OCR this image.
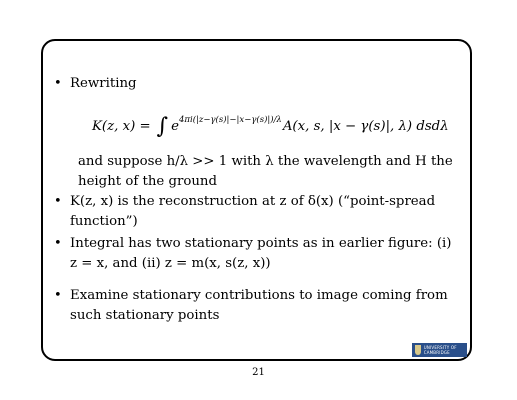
• Rewriting
K(z, x) = ∫ e 4πi(|z−γ(s)|−|x−γ(s)|)/λ A(x, s, |x − γ(s)|, λ) dsdλ
and suppose h/λ >> 1 with λ the wavelength and H the height of the ground
• K(z, x) is the reconstruction at z of δ(x) (“point-spread function”)
• Integral has two stationary points as in earlier figure: (i) z = x, and (ii) z = m(x, s(z, x))
• Examine stationary contributions to image coming from such stationary points
UNIVERSITY OF CAMBRIDGE
21
